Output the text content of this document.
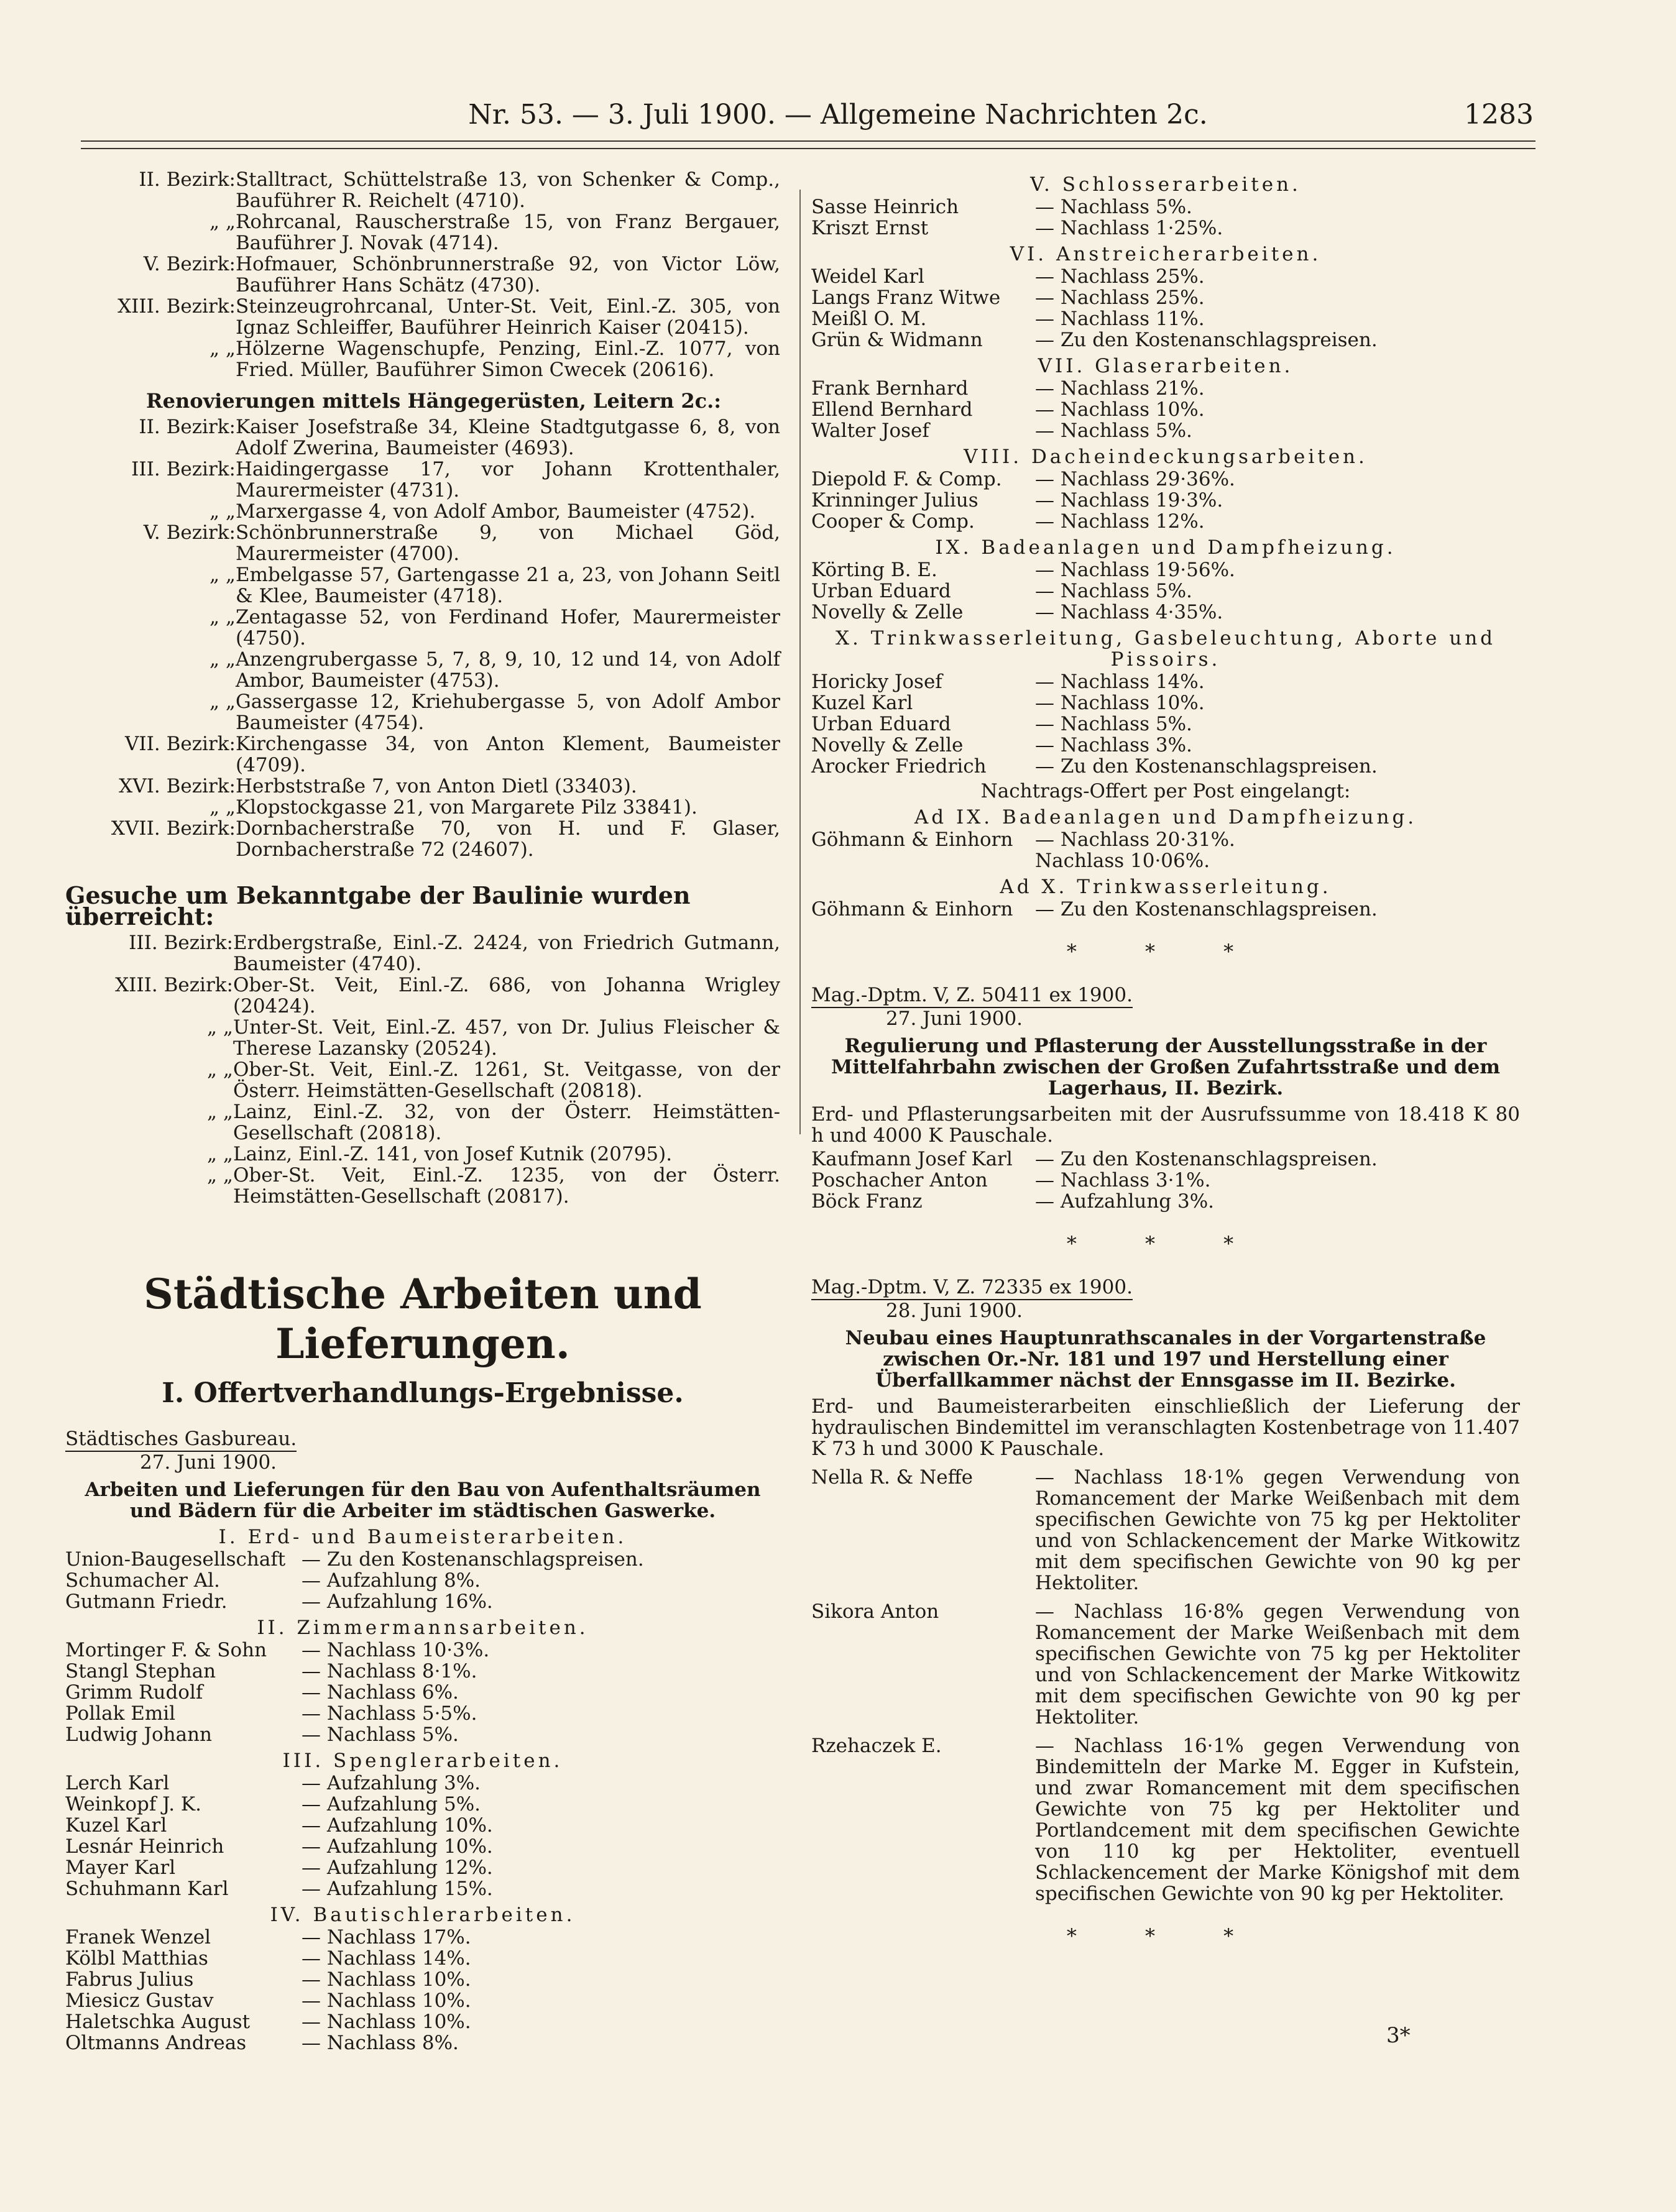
Nr. 53. — 3. Juli 1900. — Allgemeine Nachrichten 2c.	1283
II. Bezirk: Stalltract, Schüttelstraße 13, von Schenker & Comp., Bauführer R. Reichelt (4710).
„ „ Rohrcanal, Rauscherstraße 15, von Franz Bergauer, Bauführer J. Novak (4714).
V. Bezirk: Hofmauer, Schönbrunnerstraße 92, von Victor Löw, Bauführer Hans Schätz (4730).
XIII. Bezirk: Steinzeugrohrcanal, Unter-St. Veit, Einl.-Z. 305, von Ignaz Schleiffer, Bauführer Heinrich Kaiser (20415).
„ „ Hölzerne Wagenschupfe, Penzing, Einl.-Z. 1077, von Fried. Müller, Bauführer Simon Cwecek (20616).
Renovierungen mittels Hängegerüsten, Leitern 2c.:
II. Bezirk: Kaiser Josefstraße 34, Kleine Stadtgutgasse 6, 8, von Adolf Zwerina, Baumeister (4693).
III. Bezirk: Haidingergasse 17, vor Johann Krottenthaler, Maurermeister (4731).
„ „ Marxergasse 4, von Adolf Ambor, Baumeister (4752).
V. Bezirk: Schönbrunnerstraße 9, von Michael Göd, Maurermeister (4700).
„ „ Embelgasse 57, Gartengasse 21 a, 23, von Johann Seitl & Klee, Baumeister (4718).
„ „ Zentagasse 52, von Ferdinand Hofer, Maurermeister (4750).
„ „ Anzengrubergasse 5, 7, 8, 9, 10, 12 und 14, von Adolf Ambor, Baumeister (4753).
„ „ Gassergasse 12, Kriehubergasse 5, von Adolf Ambor Baumeister (4754).
VII. Bezirk: Kirchengasse 34, von Anton Klement, Baumeister (4709).
XVI. Bezirk: Herbststraße 7, von Anton Dietl (33403).
„ „ Klopstockgasse 21, von Margarete Pilz 33841).
XVII. Bezirk: Dornbacherstraße 70, von H. und F. Glaser, Dornbacherstraße 72 (24607).
Gesuche um Bekanntgabe der Baulinie wurden überreicht:
III. Bezirk: Erdbergstraße, Einl.-Z. 2424, von Friedrich Gutmann, Baumeister (4740).
XIII. Bezirk: Ober-St. Veit, Einl.-Z. 686, von Johanna Wrigley (20424).
„ „ Unter-St. Veit, Einl.-Z. 457, von Dr. Julius Fleischer & Therese Lazansky (20524).
„ „ Ober-St. Veit, Einl.-Z. 1261, St. Veitgasse, von der Österr. Heimstätten-Gesellschaft (20818).
„ „ Lainz, Einl.-Z. 32, von der Österr. Heimstätten-Gesellschaft (20818).
„ „ Lainz, Einl.-Z. 141, von Josef Kutnik (20795).
„ „ Ober-St. Veit, Einl.-Z. 1235, von der Österr. Heimstätten-Gesellschaft (20817).
Städtische Arbeiten und Lieferungen.
I. Offertverhandlungs-Ergebnisse.
Städtisches Gasbureau.
27. Juni 1900.
Arbeiten und Lieferungen für den Bau von Aufenthaltsräumen und Bädern für die Arbeiter im städtischen Gaswerke.
I. Erd- und Baumeisterarbeiten.
Union-Baugesellschaft — Zu den Kostenanschlagspreisen.
Schumacher Al.	— Aufzahlung 8%.
Gutmann Friedr.	— Aufzahlung 16%.
II. Zimmermannsarbeiten.
Mortinger F. & Sohn	— Nachlass 10·3%.
Stangl Stephan	— Nachlass 8·1%.
Grimm Rudolf	— Nachlass 6%.
Pollak Emil	— Nachlass 5·5%.
Ludwig Johann	— Nachlass 5%.
III. Spenglerarbeiten.
Lerch Karl	— Aufzahlung 3%.
Weinkopf J. K.	— Aufzahlung 5%.
Kuzel Karl	— Aufzahlung 10%.
Lesnár Heinrich	— Aufzahlung 10%.
Mayer Karl	— Aufzahlung 12%.
Schuhmann Karl	— Aufzahlung 15%.
IV. Bautischlerarbeiten.
Franek Wenzel	— Nachlass 17%.
Kölbl Matthias	— Nachlass 14%.
Fabrus Julius	— Nachlass 10%.
Miesicz Gustav	— Nachlass 10%.
Haletschka August	— Nachlass 10%.
Oltmanns Andreas	— Nachlass 8%.
V. Schlosserarbeiten.
Sasse Heinrich	— Nachlass 5%.
Kriszt Ernst	— Nachlass 1·25%.
VI. Anstreicherarbeiten.
Weidel Karl	— Nachlass 25%.
Langs Franz Witwe	— Nachlass 25%.
Meißl O. M.	— Nachlass 11%.
Grün & Widmann	— Zu den Kostenanschlagspreisen.
VII. Glaserarbeiten.
Frank Bernhard	— Nachlass 21%.
Ellend Bernhard	— Nachlass 10%.
Walter Josef	— Nachlass 5%.
VIII. Dacheindeckungsarbeiten.
Diepold F. & Comp.	— Nachlass 29·36%.
Krinninger Julius	— Nachlass 19·3%.
Cooper & Comp.	— Nachlass 12%.
IX. Badeanlagen und Dampfheizung.
Körting B. E.	— Nachlass 19·56%.
Urban Eduard	— Nachlass 5%.
Novelly & Zelle	— Nachlass 4·35%.
X. Trinkwasserleitung, Gasbeleuchtung, Aborte und Pissoirs.
Horicky Josef	— Nachlass 14%.
Kuzel Karl	— Nachlass 10%.
Urban Eduard	— Nachlass 5%.
Novelly & Zelle	— Nachlass 3%.
Arocker Friedrich	— Zu den Kostenanschlagspreisen.
Nachtrags-Offert per Post eingelangt:
Ad IX. Badeanlagen und Dampfheizung.
Göhmann & Einhorn	— Nachlass 20·31%.
Nachlass 10·06%.
Ad X. Trinkwasserleitung.
Göhmann & Einhorn	— Zu den Kostenanschlagspreisen.
* * *
Mag.-Dptm. V, Z. 50411 ex 1900.
27. Juni 1900.
Regulierung und Pflasterung der Ausstellungsstraße in der Mittelfahrbahn zwischen der Großen Zufahrtsstraße und dem Lagerhaus, II. Bezirk.
Erd- und Pflasterungsarbeiten mit der Ausrufssumme von 18.418 K 80 h und 4000 K Pauschale.
Kaufmann Josef Karl	— Zu den Kostenanschlagspreisen.
Poschacher Anton	— Nachlass 3·1%.
Böck Franz	— Aufzahlung 3%.
* * *
Mag.-Dptm. V, Z. 72335 ex 1900.
28. Juni 1900.
Neubau eines Hauptunrathscanales in der Vorgartenstraße zwischen Or.-Nr. 181 und 197 und Herstellung einer Überfallkammer nächst der Ennsgasse im II. Bezirke.
Erd- und Baumeisterarbeiten einschließlich der Lieferung der hydraulischen Bindemittel im veranschlagten Kostenbetrage von 11.407 K 73 h und 3000 K Pauschale.
Nella R. & Neffe	— Nachlass 18·1% gegen Verwendung von Romancement der Marke Weißenbach mit dem specifischen Gewichte von 75 kg per Hektoliter und von Schlackencement der Marke Witkowitz mit dem specifischen Gewichte von 90 kg per Hektoliter.
Sikora Anton	— Nachlass 16·8% gegen Verwendung von Romancement der Marke Weißenbach mit dem specifischen Gewichte von 75 kg per Hektoliter und von Schlackencement der Marke Witkowitz mit dem specifischen Gewichte von 90 kg per Hektoliter.
Rzehaczek E.	— Nachlass 16·1% gegen Verwendung von Bindemitteln der Marke M. Egger in Kufstein, und zwar Romancement mit dem specifischen Gewichte von 75 kg per Hektoliter und Portlandcement mit dem specifischen Gewichte von 110 kg per Hektoliter, eventuell Schlackencement der Marke Königshof mit dem specifischen Gewichte von 90 kg per Hektoliter.
* * *
3*
